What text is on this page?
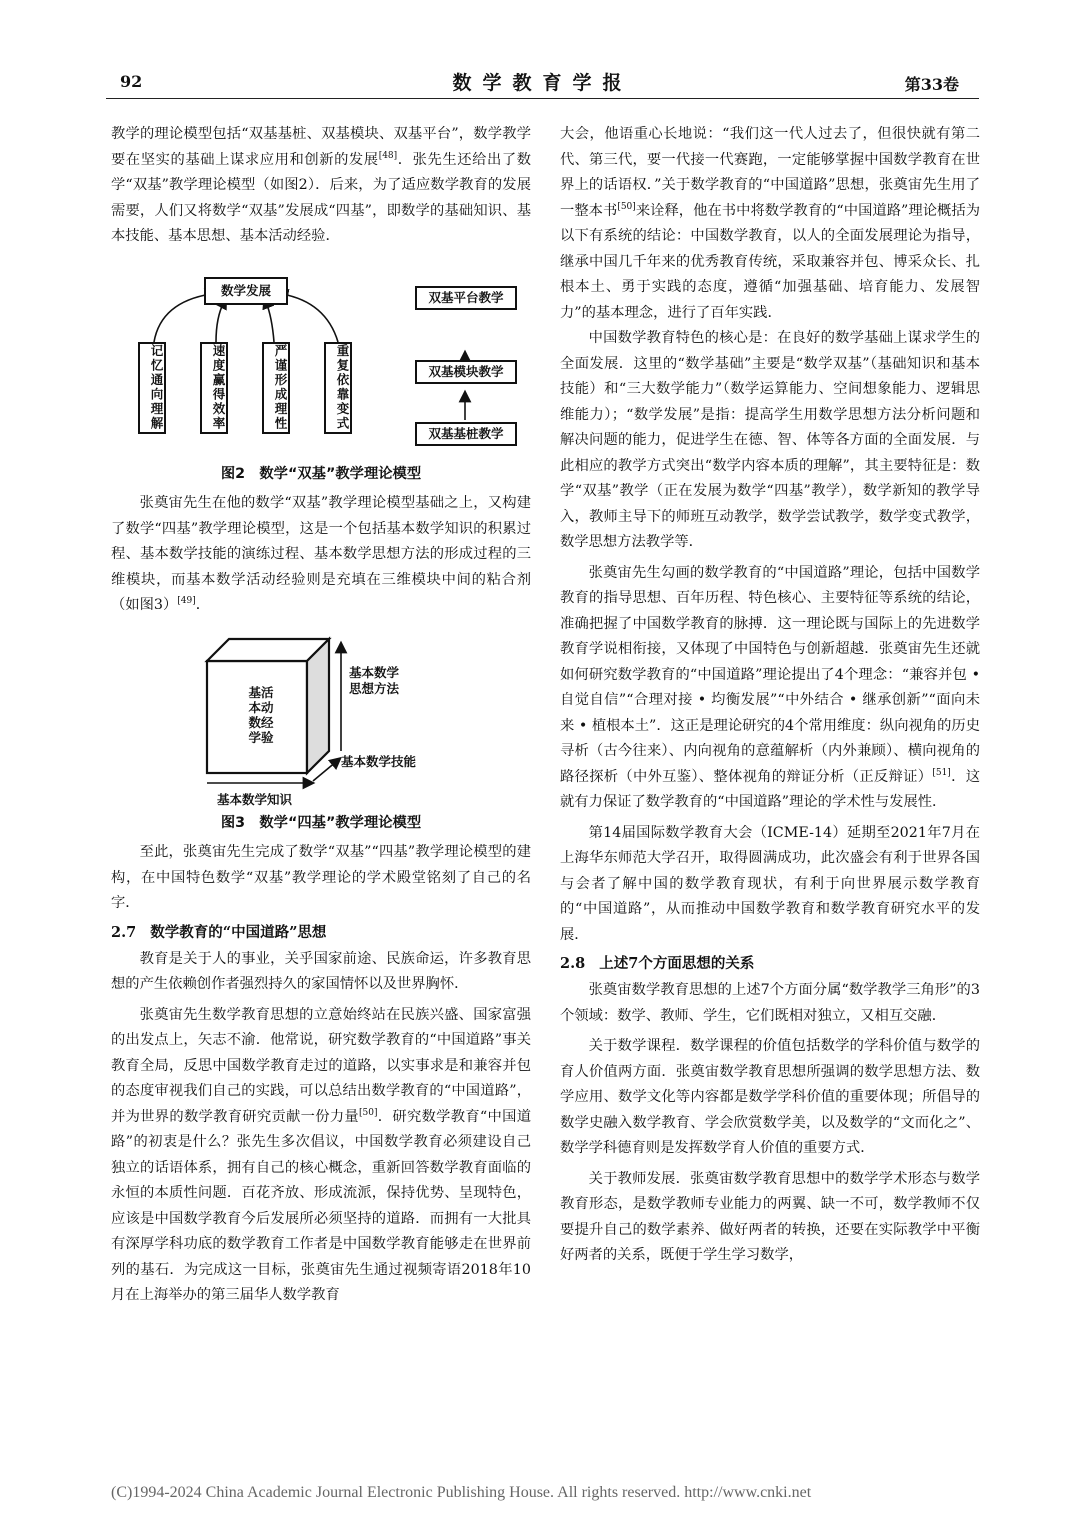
92	数学教育学报	第33卷

教学的理论模型包括“双基基桩、双基模块、双基平台”，数学教学要在坚实的基础上谋求应用和创新的发展[48]．张先生还给出了数学“双基”教学理论模型（如图2）．后来，为了适应数学教育的发展需要，人们又将数学“双基”发展成“四基”，即数学的基础知识、基本技能、基本思想、基本活动经验．

数学发展
记忆通向理解	速度赢得效率	严谨形成理性	重复依靠变式
双基平台教学
双基模块教学
双基基桩教学
图2　数学“双基”教学理论模型

张奠宙先生在他的数学“双基”教学理论模型基础之上，又构建了数学“四基”教学理论模型，这是一个包括基本数学知识的积累过程、基本数学技能的演练过程、基本数学思想方法的形成过程的三维模块，而基本数学活动经验则是充填在三维模块中间的粘合剂（如图3）[49]．

基活
本动
数经
学验
基本数学
思想方法
基本数学技能
基本数学知识
图3　数学“四基”教学理论模型

至此，张奠宙先生完成了数学“双基”“四基”教学理论模型的建构，在中国特色数学“双基”教学理论的学术殿堂铭刻了自己的名字．

2.7 数学教育的“中国道路”思想

教育是关于人的事业，关乎国家前途、民族命运，许多教育思想的产生依赖创作者强烈持久的家国情怀以及世界胸怀．

张奠宙先生数学教育思想的立意始终站在民族兴盛、国家富强的出发点上，矢志不渝．他常说，研究数学教育的“中国道路”事关教育全局，反思中国数学教育走过的道路，以实事求是和兼容并包的态度审视我们自己的实践，可以总结出数学教育的“中国道路”，并为世界的数学教育研究贡献一份力量[50]．研究数学教育“中国道路”的初衷是什么？张先生多次倡议，中国数学教育必须建设自己独立的话语体系，拥有自己的核心概念，重新回答数学教育面临的永恒的本质性问题．百花齐放、形成流派，保持优势、呈现特色，应该是中国数学教育今后发展所必须坚持的道路．而拥有一大批具有深厚学科功底的数学教育工作者是中国数学教育能够走在世界前列的基石．为完成这一目标，张奠宙先生通过视频寄语2018年10月在上海举办的第三届华人数学教育

大会，他语重心长地说：“我们这一代人过去了，但很快就有第二代、第三代，要一代接一代赛跑，一定能够掌握中国数学教育在世界上的话语权．”关于数学教育的“中国道路”思想，张奠宙先生用了一整本书[50]来诠释，他在书中将数学教育的“中国道路”理论概括为以下有系统的结论：中国数学教育，以人的全面发展理论为指导，继承中国几千年来的优秀教育传统，采取兼容并包、博采众长、扎根本土、勇于实践的态度，遵循“加强基础、培育能力、发展智力”的基本理念，进行了百年实践．

中国数学教育特色的核心是：在良好的数学基础上谋求学生的全面发展．这里的“数学基础”主要是“数学双基”（基础知识和基本技能）和“三大数学能力”（数学运算能力、空间想象能力、逻辑思维能力）；“数学发展”是指：提高学生用数学思想方法分析问题和解决问题的能力，促进学生在德、智、体等各方面的全面发展．与此相应的教学方式突出“数学内容本质的理解”，其主要特征是：数学“双基”教学（正在发展为数学“四基”教学），数学新知的教学导入，教师主导下的师班互动教学，数学尝试教学，数学变式教学，数学思想方法教学等．

张奠宙先生勾画的数学教育的“中国道路”理论，包括中国数学教育的指导思想、百年历程、特色核心、主要特征等系统的结论，准确把握了中国数学教育的脉搏．这一理论既与国际上的先进数学教育学说相衔接，又体现了中国特色与创新超越．张奠宙先生还就如何研究数学教育的“中国道路”理论提出了4个理念：“兼容并包 • 自觉自信”“合理对接 • 均衡发展”“中外结合 • 继承创新”“面向未来 • 植根本土”．这正是理论研究的4个常用维度：纵向视角的历史寻析（古今往来）、内向视角的意蕴解析（内外兼顾）、横向视角的路径探析（中外互鉴）、整体视角的辩证分析（正反辩证）[51]．这就有力保证了数学教育的“中国道路”理论的学术性与发展性．

第14届国际数学教育大会（ICME-14）延期至2021年7月在上海华东师范大学召开，取得圆满成功，此次盛会有利于世界各国与会者了解中国的数学教育现状，有利于向世界展示数学教育的“中国道路”，从而推动中国数学教育和数学教育研究水平的发展．

2.8 上述7个方面思想的关系

张奠宙数学教育思想的上述7个方面分属“数学教学三角形”的3个领域：数学、教师、学生，它们既相对独立，又相互交融．

关于数学课程．数学课程的价值包括数学的学科价值与数学的育人价值两方面．张奠宙数学教育思想所强调的数学思想方法、数学应用、数学文化等内容都是数学学科价值的重要体现；所倡导的数学史融入数学教育、学会欣赏数学美，以及数学的“文而化之”、数学学科德育则是发挥数学育人价值的重要方式．

关于教师发展．张奠宙数学教育思想中的数学学术形态与数学教育形态，是数学教师专业能力的两翼、缺一不可，数学教师不仅要提升自己的数学素养、做好两者的转换，还要在实际教学中平衡好两者的关系，既便于学生学习数学，

(C)1994-2024 China Academic Journal Electronic Publishing House. All rights reserved. http://www.cnki.net
